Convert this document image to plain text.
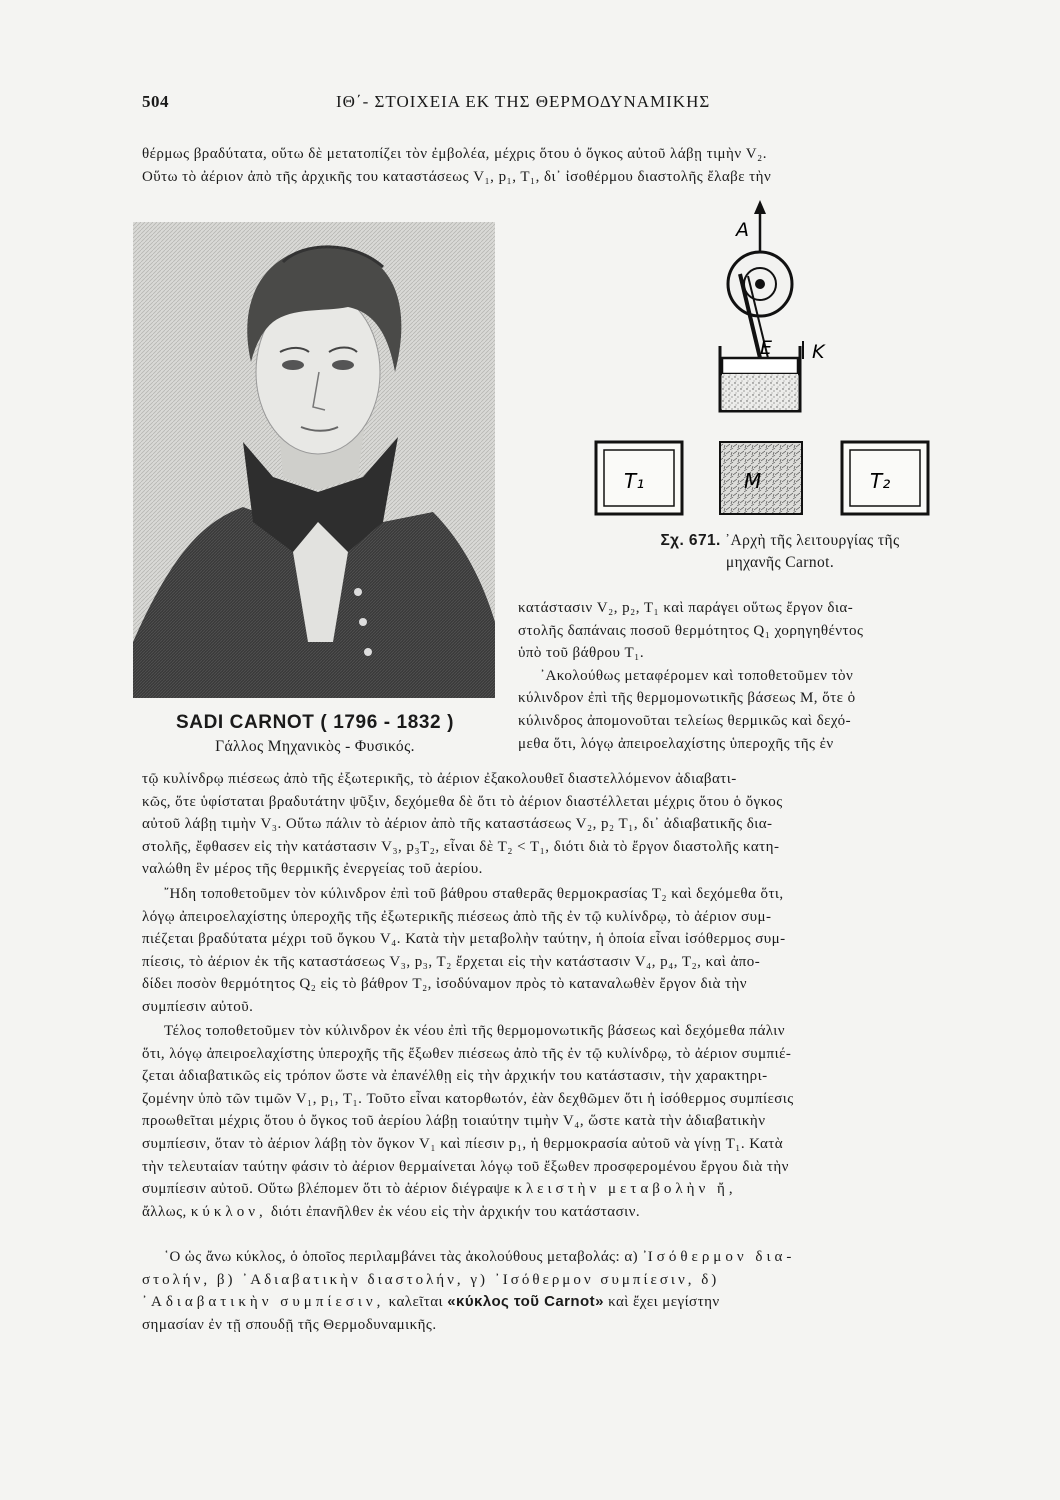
504	ΙΘ΄- ΣΤΟΙΧΕΙΑ ΕΚ ΤΗΣ ΘΕΡΜΟΔΥΝΑΜΙΚΗΣ
θέρμως βραδύτατα, οὕτω δὲ μετατοπίζει τὸν ἐμβολέα, μέχρις ὅτου ὁ ὄγκος αὐτοῦ λάβῃ τιμὴν V₂.
Οὕτω τὸ ἀέριον ἀπὸ τῆς ἀρχικῆς του καταστάσεως V₁, p₁, T₁, δι᾿ ἰσοθέρμου διαστολῆς ἔλαβε τὴν
SADI CARNOT ( 1796 - 1832 )
Γάλλος Μηχανικὸς - Φυσικός.
A
E K
T₁	M	T₂
Σχ. 671. ᾿Αρχὴ τῆς λειτουργίας τῆς
μηχανῆς Carnot.
κατάστασιν V₂, p₂, T₁ καὶ παράγει οὕτως ἔργον δια-
στολῆς δαπάναις ποσοῦ θερμότητος Q₁ χορηγηθέντος
ὑπὸ τοῦ βάθρου T₁.
᾿Ακολούθως μεταφέρομεν καὶ τοποθετοῦμεν τὸν
κύλινδρον ἐπὶ τῆς θερμομονωτικῆς βάσεως M, ὅτε ὁ
κύλινδρος ἀπομονοῦται τελείως θερμικῶς καὶ δεχό-
μεθα ὅτι, λόγῳ ἀπειροελαχίστης ὑπεροχῆς τῆς ἐν
τῷ κυλίνδρῳ πιέσεως ἀπὸ τῆς ἐξωτερικῆς, τὸ ἀέριον ἐξακολουθεῖ διαστελλόμενον ἀδιαβατι-
κῶς, ὅτε ὑφίσταται βραδυτάτην ψῦξιν, δεχόμεθα δὲ ὅτι τὸ ἀέριον διαστέλλεται μέχρις ὅτου ὁ ὄγκος
αὐτοῦ λάβῃ τιμὴν V₃. Οὕτω πάλιν τὸ ἀέριον ἀπὸ τῆς καταστάσεως V₂, p₂ T₁, δι᾿ ἀδιαβατικῆς δια-
στολῆς, ἔφθασεν εἰς τὴν κατάστασιν V₃, p₃T₂, εἶναι δὲ T₂ < T₁, διότι διὰ τὸ ἔργον διαστολῆς κατη-
ναλώθη ἓν μέρος τῆς θερμικῆς ἐνεργείας τοῦ ἀερίου.
῎Ηδη τοποθετοῦμεν τὸν κύλινδρον ἐπὶ τοῦ βάθρου σταθερᾶς θερμοκρασίας T₂ καὶ δεχόμεθα ὅτι,
λόγῳ ἀπειροελαχίστης ὑπεροχῆς τῆς ἐξωτερικῆς πιέσεως ἀπὸ τῆς ἐν τῷ κυλίνδρῳ, τὸ ἀέριον συμ-
πιέζεται βραδύτατα μέχρι τοῦ ὄγκου V₄. Κατὰ τὴν μεταβολὴν ταύτην, ἡ ὁποία εἶναι ἰσόθερμος συμ-
πίεσις, τὸ ἀέριον ἐκ τῆς καταστάσεως V₃, p₃, T₂ ἔρχεται εἰς τὴν κατάστασιν V₄, p₄, T₂, καὶ ἀπο-
δίδει ποσὸν θερμότητος Q₂ εἰς τὸ βάθρον T₂, ἰσοδύναμον πρὸς τὸ καταναλωθὲν ἔργον διὰ τὴν
συμπίεσιν αὐτοῦ.
Τέλος τοποθετοῦμεν τὸν κύλινδρον ἐκ νέου ἐπὶ τῆς θερμομονωτικῆς βάσεως καὶ δεχόμεθα πάλιν
ὅτι, λόγῳ ἀπειροελαχίστης ὑπεροχῆς τῆς ἔξωθεν πιέσεως ἀπὸ τῆς ἐν τῷ κυλίνδρῳ, τὸ ἀέριον συμπιέ-
ζεται ἀδιαβατικῶς εἰς τρόπον ὥστε νὰ ἐπανέλθῃ εἰς τὴν ἀρχικήν του κατάστασιν, τὴν χαρακτηρι-
ζομένην ὑπὸ τῶν τιμῶν V₁, p₁, T₁. Τοῦτο εἶναι κατορθωτόν, ἐὰν δεχθῶμεν ὅτι ἡ ἰσόθερμος συμπίεσις
προωθεῖται μέχρις ὅτου ὁ ὄγκος τοῦ ἀερίου λάβῃ τοιαύτην τιμὴν V₄, ὥστε κατὰ τὴν ἀδιαβατικὴν
συμπίεσιν, ὅταν τὸ ἀέριον λάβῃ τὸν ὄγκον V₁ καὶ πίεσιν p₁, ἡ θερμοκρασία αὐτοῦ νὰ γίνῃ T₁. Κατὰ
τὴν τελευταίαν ταύτην φάσιν τὸ ἀέριον θερμαίνεται λόγῳ τοῦ ἔξωθεν προσφερομένου ἔργου διὰ τὴν
συμπίεσιν αὐτοῦ. Οὕτω βλέπομεν ὅτι τὸ ἀέριον διέγραψε κλειστὴν μεταβολὴν ἤ,
ἄλλως, κύκλον, διότι ἐπανῆλθεν ἐκ νέου εἰς τὴν ἀρχικήν του κατάστασιν.
῾Ο ὡς ἄνω κύκλος, ὁ ὁποῖος περιλαμβάνει τὰς ἀκολούθους μεταβολάς: α) ᾿Ισόθερμον δια-
στολήν, β) ᾿Αδιαβατικὴν διαστολήν, γ) ᾿Ισόθερμον συμπίεσιν, δ)
᾿Αδιαβατικὴν συμπίεσιν, καλεῖται «κύκλος τοῦ Carnot» καὶ ἔχει μεγίστην
σημασίαν ἐν τῇ σπουδῇ τῆς Θερμοδυναμικῆς.
